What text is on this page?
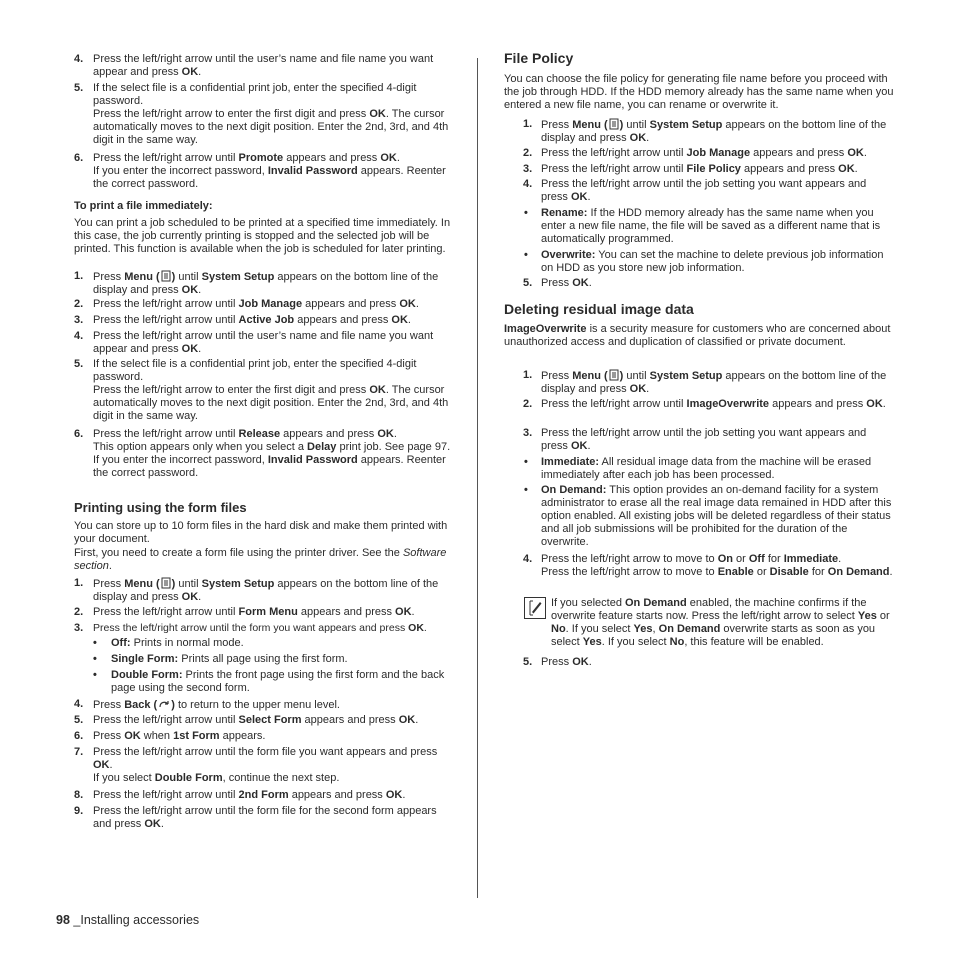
4. Press the left/right arrow until the user’s name and file name you want appear and press OK.
5. If the select file is a confidential print job, enter the specified 4-digit password.
Press the left/right arrow to enter the first digit and press OK. The cursor automatically moves to the next digit position. Enter the 2nd, 3rd, and 4th digit in the same way.
6. Press the left/right arrow until Promote appears and press OK.
If you enter the incorrect password, Invalid Password appears. Reenter the correct password.
To print a file immediately:
You can print a job scheduled to be printed at a specified time immediately. In this case, the job currently printing is stopped and the selected job will be printed. This function is available when the job is scheduled for later printing.
1. Press Menu ( ) until System Setup appears on the bottom line of the display and press OK.
2. Press the left/right arrow until Job Manage appears and press OK.
3. Press the left/right arrow until Active Job appears and press OK.
4. Press the left/right arrow until the user’s name and file name you want appear and press OK.
5. If the select file is a confidential print job, enter the specified 4-digit password.
Press the left/right arrow to enter the first digit and press OK. The cursor automatically moves to the next digit position. Enter the 2nd, 3rd, and 4th digit in the same way.
6. Press the left/right arrow until Release appears and press OK.
This option appears only when you select a Delay print job. See page 97.
If you enter the incorrect password, Invalid Password appears. Reenter the correct password.
Printing using the form files
You can store up to 10 form files in the hard disk and make them printed with your document.
First, you need to create a form file using the printer driver. See the Software section.
1. Press Menu ( ) until System Setup appears on the bottom line of the display and press OK.
2. Press the left/right arrow until Form Menu appears and press OK.
3. Press the left/right arrow until the form you want appears and press OK.
• Off: Prints in normal mode.
• Single Form: Prints all page using the first form.
• Double Form: Prints the front page using the first form and the back page using the second form.
4. Press Back ( ) to return to the upper menu level.
5. Press the left/right arrow until Select Form appears and press OK.
6. Press OK when 1st Form appears.
7. Press the left/right arrow until the form file you want appears and press OK.
If you select Double Form, continue the next step.
8. Press the left/right arrow until 2nd Form appears and press OK.
9. Press the left/right arrow until the form file for the second form appears and press OK.
File Policy
You can choose the file policy for generating file name before you proceed with the job through HDD. If the HDD memory already has the same name when you entered a new file name, you can rename or overwrite it.
1. Press Menu ( ) until System Setup appears on the bottom line of the display and press OK.
2. Press the left/right arrow until Job Manage appears and press OK.
3. Press the left/right arrow until File Policy appears and press OK.
4. Press the left/right arrow until the job setting you want appears and press OK.
• Rename: If the HDD memory already has the same name when you enter a new file name, the file will be saved as a different name that is automatically programmed.
• Overwrite: You can set the machine to delete previous job information on HDD as you store new job information.
5. Press OK.
Deleting residual image data
ImageOverwrite is a security measure for customers who are concerned about unauthorized access and duplication of classified or private document.
1. Press Menu ( ) until System Setup appears on the bottom line of the display and press OK.
2. Press the left/right arrow until ImageOverwrite appears and press OK.
3. Press the left/right arrow until the job setting you want appears and press OK.
• Immediate: All residual image data from the machine will be erased immediately after each job has been processed.
• On Demand: This option provides an on-demand facility for a system administrator to erase all the real image data remained in HDD after this option enabled. All existing jobs will be deleted regardless of their status and all job submissions will be prohibited for the duration of the overwrite.
4. Press the left/right arrow to move to On or Off for Immediate.
Press the left/right arrow to move to Enable or Disable for On Demand.
If you selected On Demand enabled, the machine confirms if the overwrite feature starts now. Press the left/right arrow to select Yes or No. If you select Yes, On Demand overwrite starts as soon as you select Yes. If you select No, this feature will be enabled.
5. Press OK.
98 _Installing accessories
